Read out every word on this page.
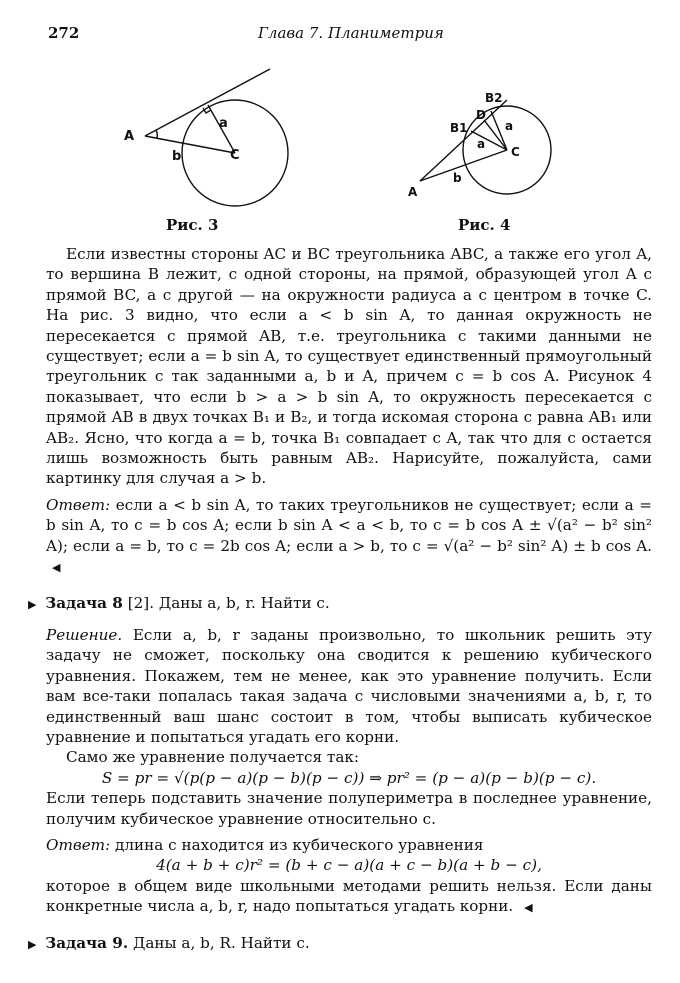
272	Глава 7. Планиметрия
A
C
a
b
A
B1
B2
D
C
a
a
b
Рис. 3	Рис. 4

Если известны стороны AC и BC треугольника ABC, а также его угол A, то вершина B лежит, с одной стороны, на прямой, образующей угол A с прямой BC, а с другой — на окружности радиуса a с центром в точке C. На рис. 3 видно, что если a < b sin A, то данная окружность не пересекается с прямой AB, т.е. треугольника с такими данными не существует; если a = b sin A, то существует единственный прямоугольный треугольник с так заданными a, b и A, причем c = b cos A. Рисунок 4 показывает, что если b > a > b sin A, то окружность пересекается с прямой AB в двух точках B₁ и B₂, и тогда искомая сторона c равна AB₁ или AB₂. Ясно, что когда a = b, точка B₁ совпадает с A, так что для c остается лишь возможность быть равным AB₂. Нарисуйте, пожалуйста, сами картинку для случая a > b.

Ответ: если a < b sin A, то таких треугольников не существует; если a = b sin A, то c = b cos A; если b sin A < a < b, то c = b cos A ± √(a² − b² sin² A); если a = b, то c = 2b cos A; если a > b, то c = √(a² − b² sin² A) ± b cos A. ◀

▶ Задача 8 [2]. Даны a, b, r. Найти c.

Решение. Если a, b, r заданы произвольно, то школьник решить эту задачу не сможет, поскольку она сводится к решению кубического уравнения. Покажем, тем не менее, как это уравнение получить. Если вам все-таки попалась такая задача с числовыми значениями a, b, r, то единственный ваш шанс состоит в том, чтобы выписать кубическое уравнение и попытаться угадать его корни.

Само же уравнение получается так:

S = pr = √(p(p − a)(p − b)(p − c)) ⇒ pr² = (p − a)(p − b)(p − c).

Если теперь подставить значение полупериметра в последнее уравнение, получим кубическое уравнение относительно c.

Ответ: длина c находится из кубического уравнения

4(a + b + c)r² = (b + c − a)(a + c − b)(a + b − c),

которое в общем виде школьными методами решить нельзя. Если даны конкретные числа a, b, r, надо попытаться угадать корни. ◀

▶ Задача 9. Даны a, b, R. Найти c.
